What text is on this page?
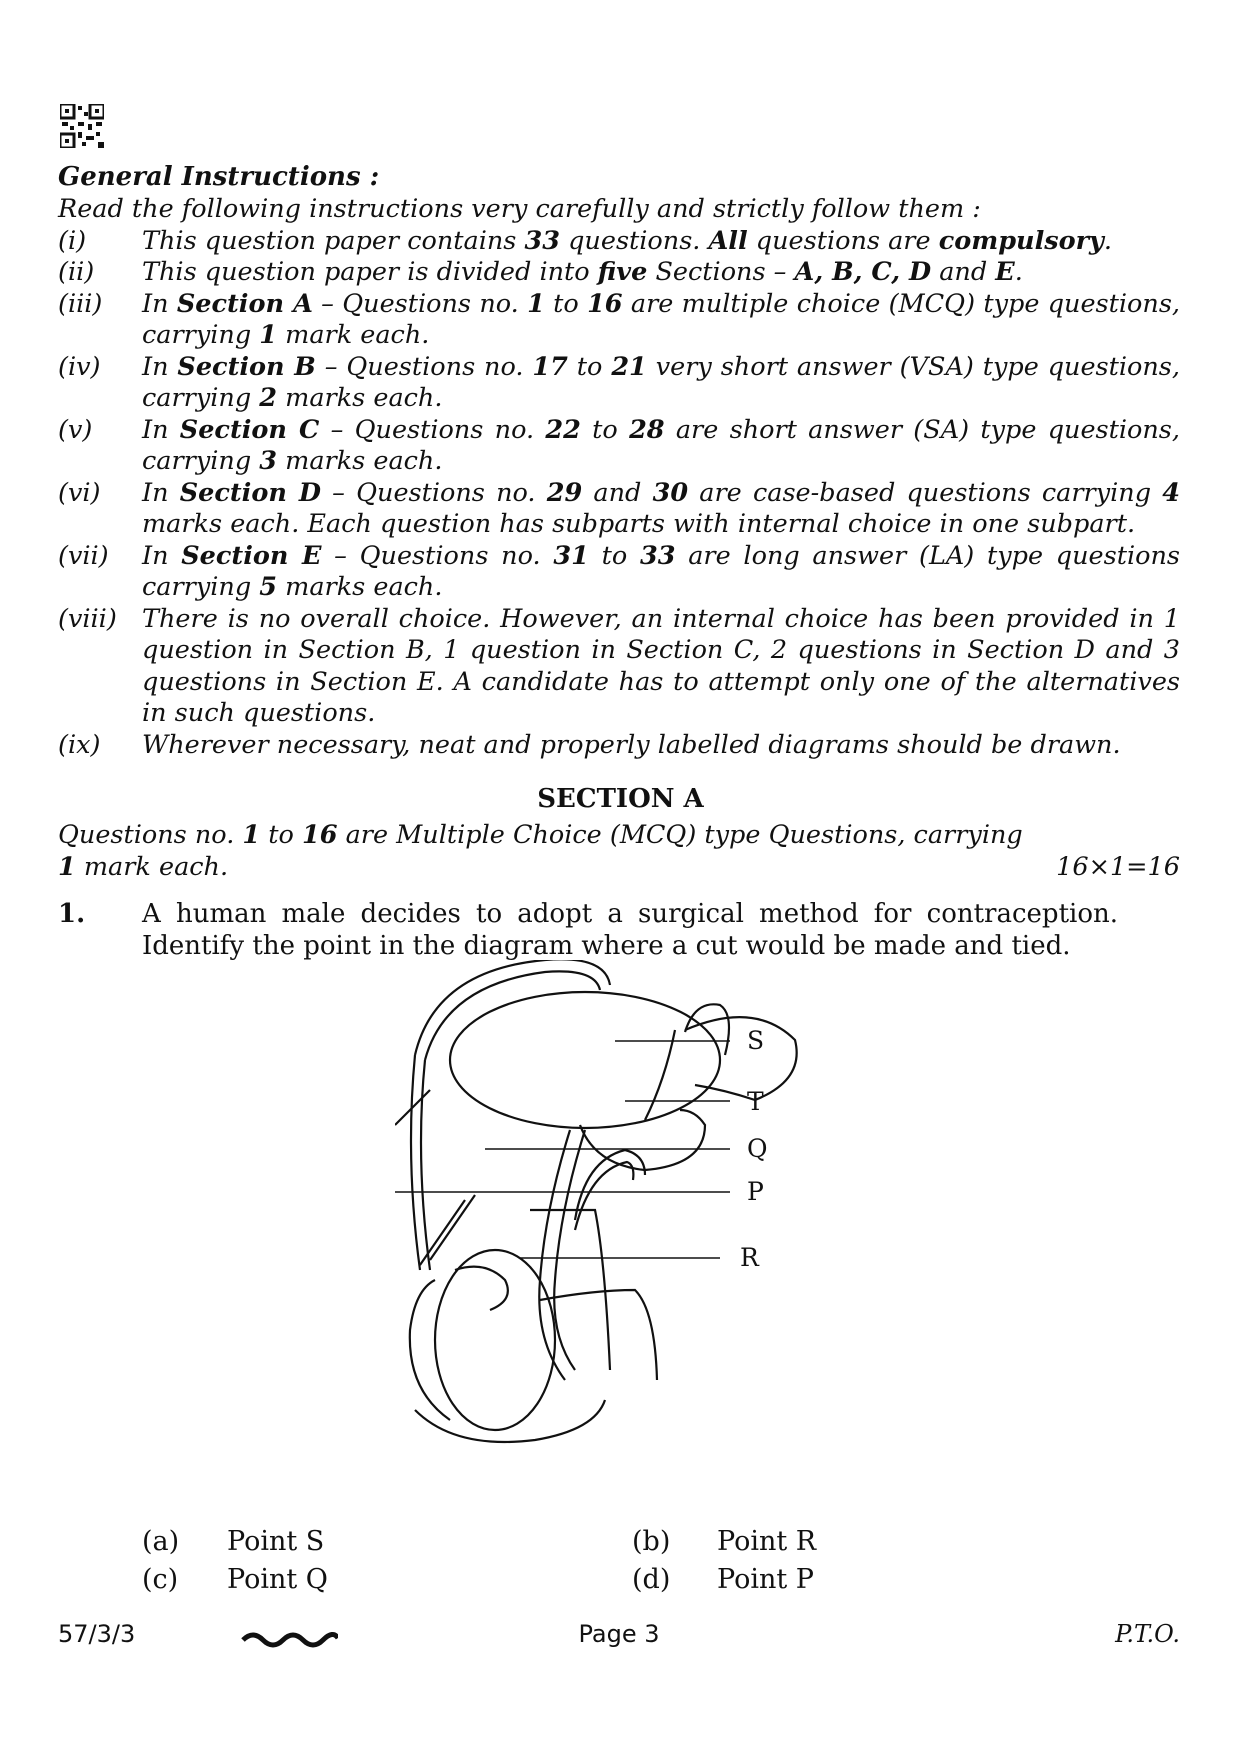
General Instructions :

Read the following instructions very carefully and strictly follow them :

(i)	This question paper contains 33 questions. All questions are compulsory.
(ii)	This question paper is divided into five Sections – A, B, C, D and E.
(iii)	In Section A – Questions no. 1 to 16 are multiple choice (MCQ) type questions, carrying 1 mark each.
(iv)	In Section B – Questions no. 17 to 21 very short answer (VSA) type questions, carrying 2 marks each.
(v)	In Section C – Questions no. 22 to 28 are short answer (SA) type questions, carrying 3 marks each.
(vi)	In Section D – Questions no. 29 and 30 are case-based questions carrying 4 marks each. Each question has subparts with internal choice in one subpart.
(vii)	In Section E – Questions no. 31 to 33 are long answer (LA) type questions carrying 5 marks each.
(viii) There is no overall choice. However, an internal choice has been provided in 1 question in Section B, 1 question in Section C, 2 questions in Section D and 3 questions in Section E. A candidate has to attempt only one of the alternatives in such questions.
(ix)	Wherever necessary, neat and properly labelled diagrams should be drawn.
SECTION A
Questions no. 1 to 16 are Multiple Choice (MCQ) type Questions, carrying
1 mark each.	16×1=16
1.	A human male decides to adopt a surgical method for contraception. Identify the point in the diagram where a cut would be made and tied.
S
T
Q
P
R
(a)	Point S	(b)	Point R
(c)	Point Q	(d)	Point P
57/3/3	Page 3	P.T.O.
